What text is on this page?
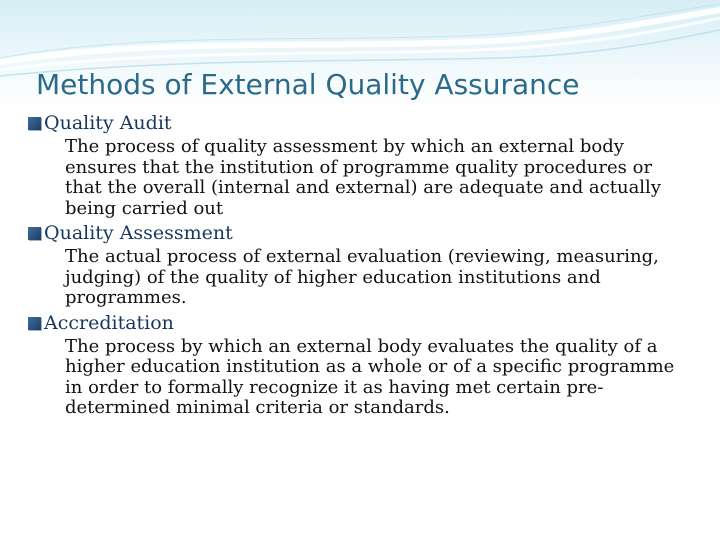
Methods of External Quality Assurance
Quality Audit
The process of quality assessment by which an external body ensures that the institution of programme quality procedures or that the overall (internal and external) are adequate and actually being carried out
Quality Assessment
The actual process of external evaluation (reviewing, measuring, judging) of the quality of higher education institutions and programmes.
Accreditation
The process by which an external body evaluates the quality of a higher education institution as a whole or of a specific programme in order to formally recognize it as having met certain pre-determined minimal criteria or standards.
